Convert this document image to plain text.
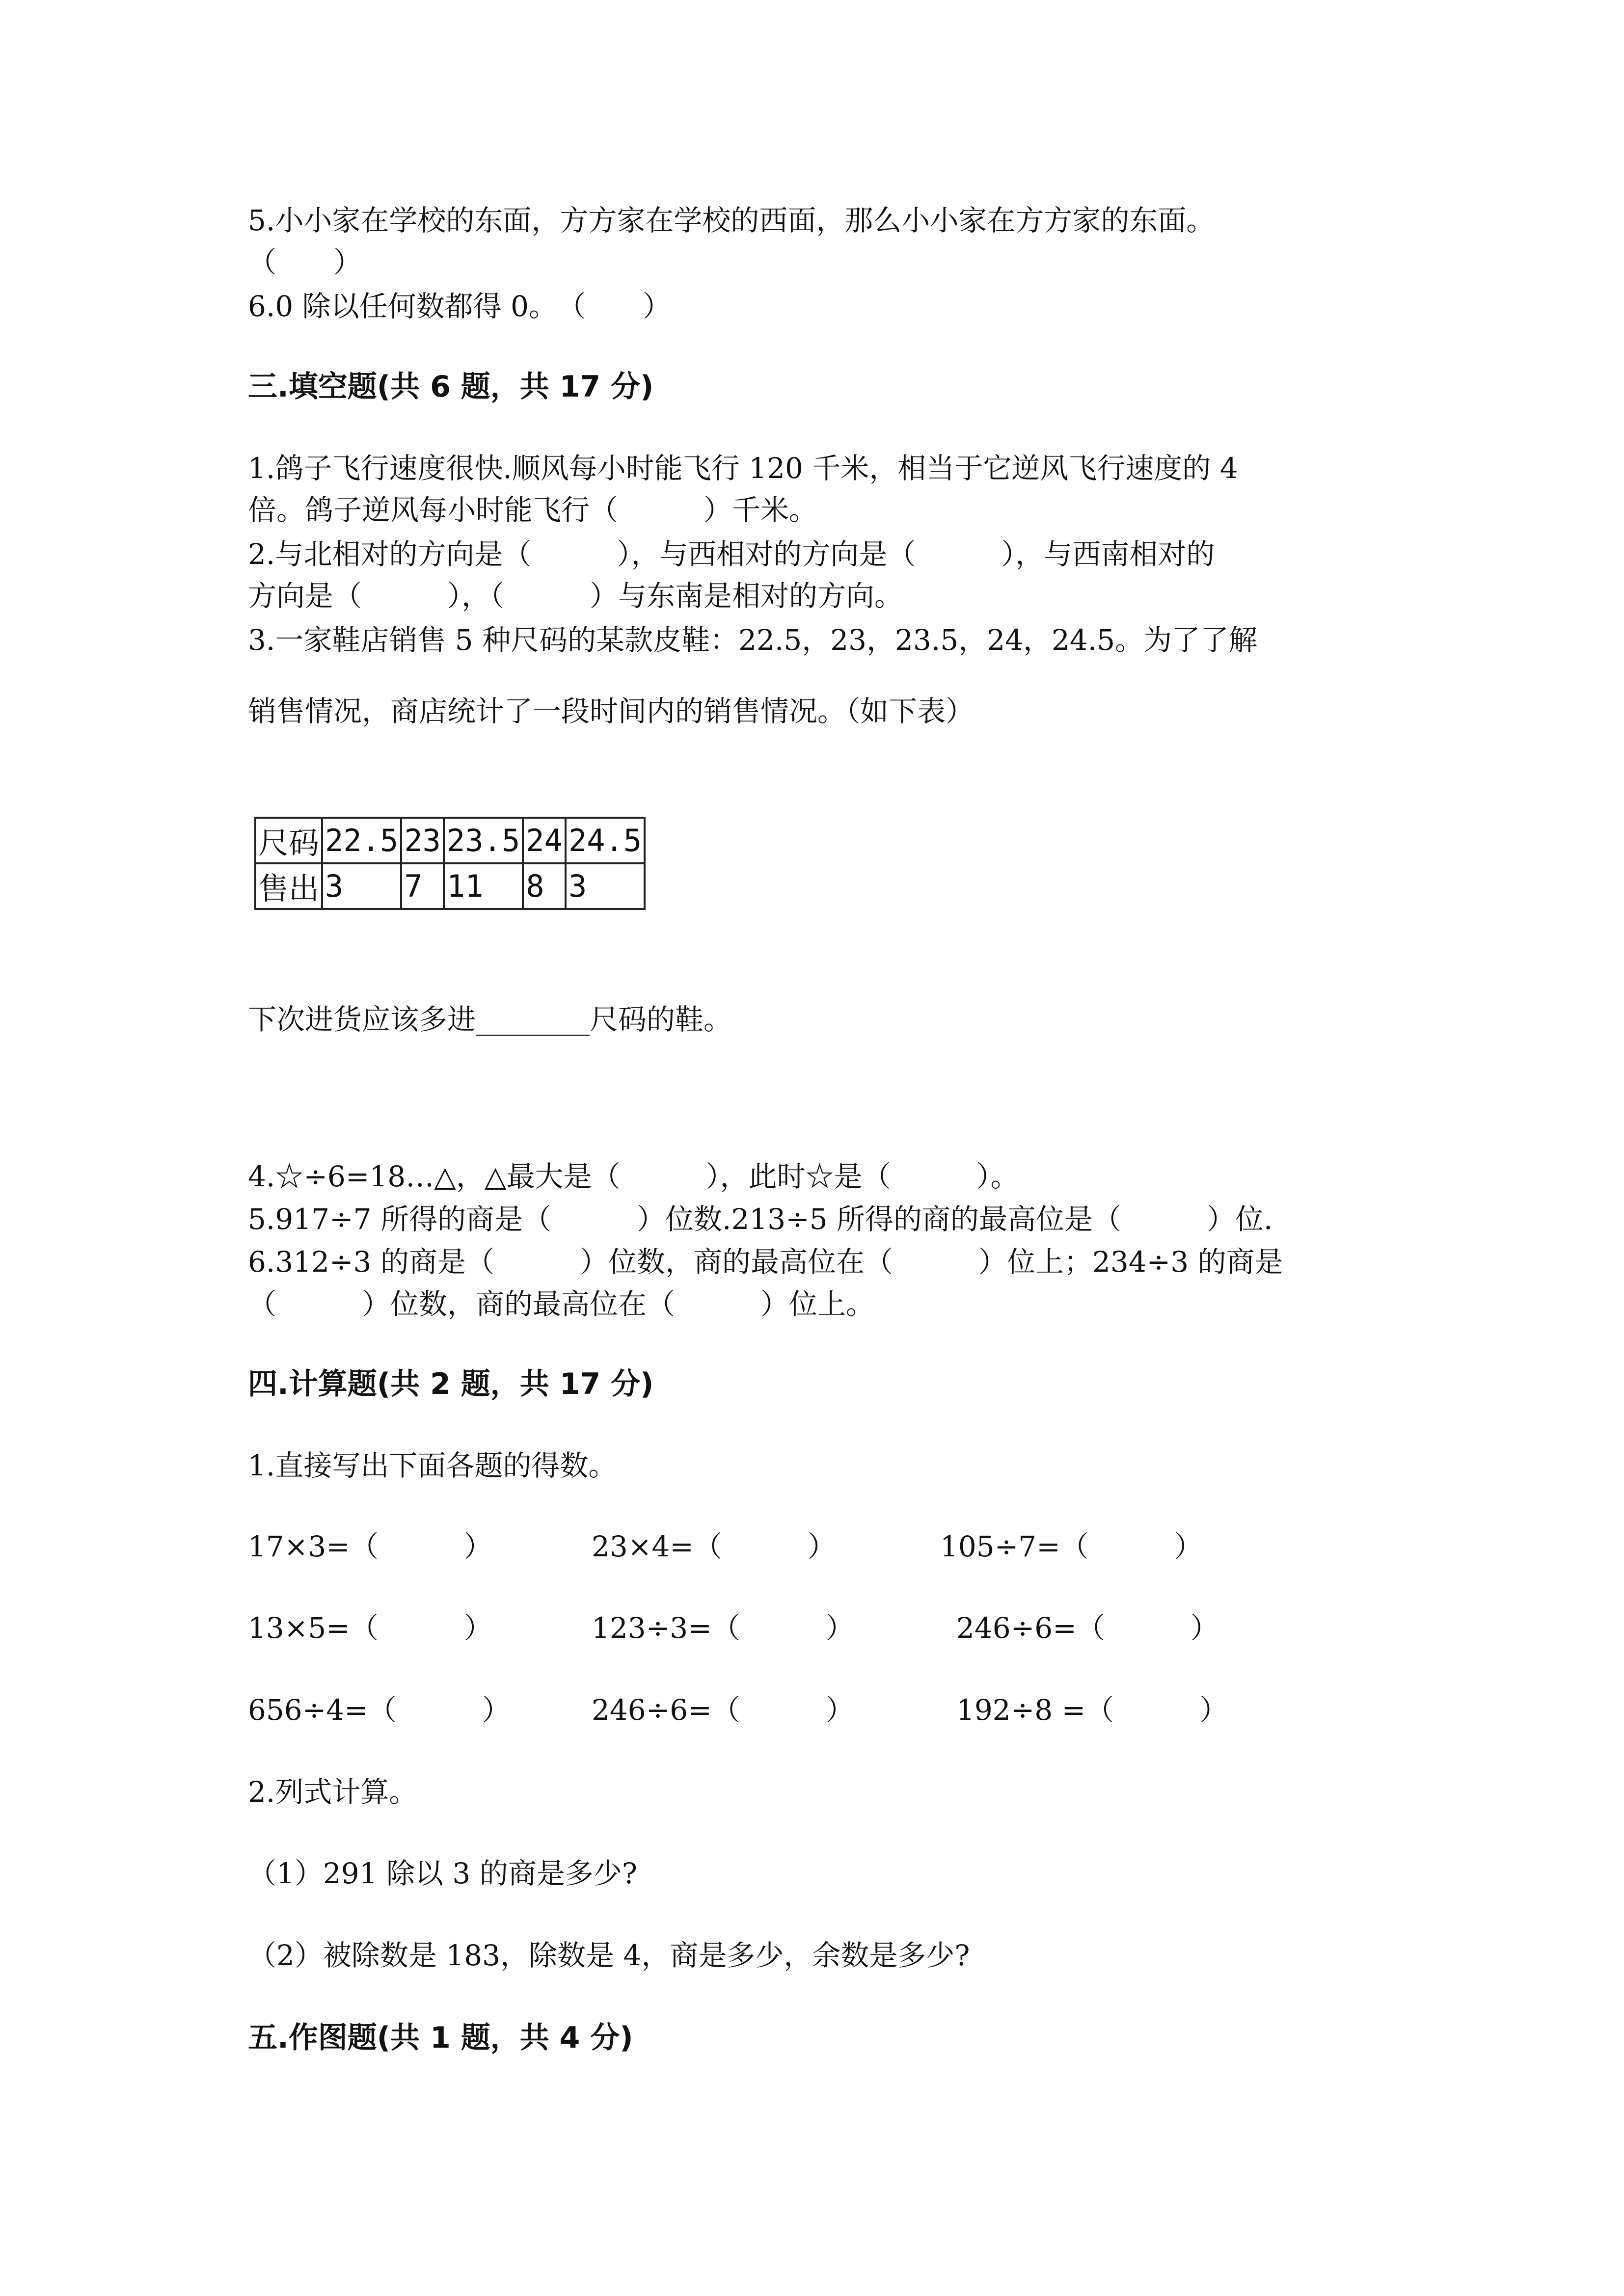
5.小小家在学校的东面，方方家在学校的西面，那么小小家在方方家的东面。
（　　）
6.0 除以任何数都得 0。　（　　）
三.填空题(共 6 题，共 17 分)
1.鸽子飞行速度很快.顺风每小时能飞行 120 千米，相当于它逆风飞行速度的 4
倍。鸽子逆风每小时能飞行（　　　）千米。
2.与北相对的方向是（　　　），与西相对的方向是（　　　），与西南相对的
方向是（　　　），（　　　）与东南是相对的方向。
3.一家鞋店销售 5 种尺码的某款皮鞋：22.5，23，23.5，24，24.5。为了了解
销售情况，商店统计了一段时间内的销售情况。（如下表）
尺码	22.5	23	23.5	24	24.5
售出	3	7	11	8	3
下次进货应该多进________尺码的鞋。
4.☆÷6=18…△，△最大是（　　　），此时☆是（　　　）。
5.917÷7 所得的商是（　　　）位数.213÷5 所得的商的最高位是（　　　）位.
6.312÷3 的商是（　　　）位数，商的最高位在（　　　）位上；234÷3 的商是
（　　　）位数，商的最高位在（　　　）位上。
四.计算题(共 2 题，共 17 分)
1.直接写出下面各题的得数。
17×3=（　　　）	23×4=（　　　）	105÷7=（　　　）
13×5=（　　　）	123÷3=（　　　）	246÷6=（　　　）
656÷4=（　　　）	246÷6=（　　　）	192÷8 =（　　　）
2.列式计算。
（1）291 除以 3 的商是多少?
（2）被除数是 183，除数是 4，商是多少，余数是多少?
五.作图题(共 1 题，共 4 分)
